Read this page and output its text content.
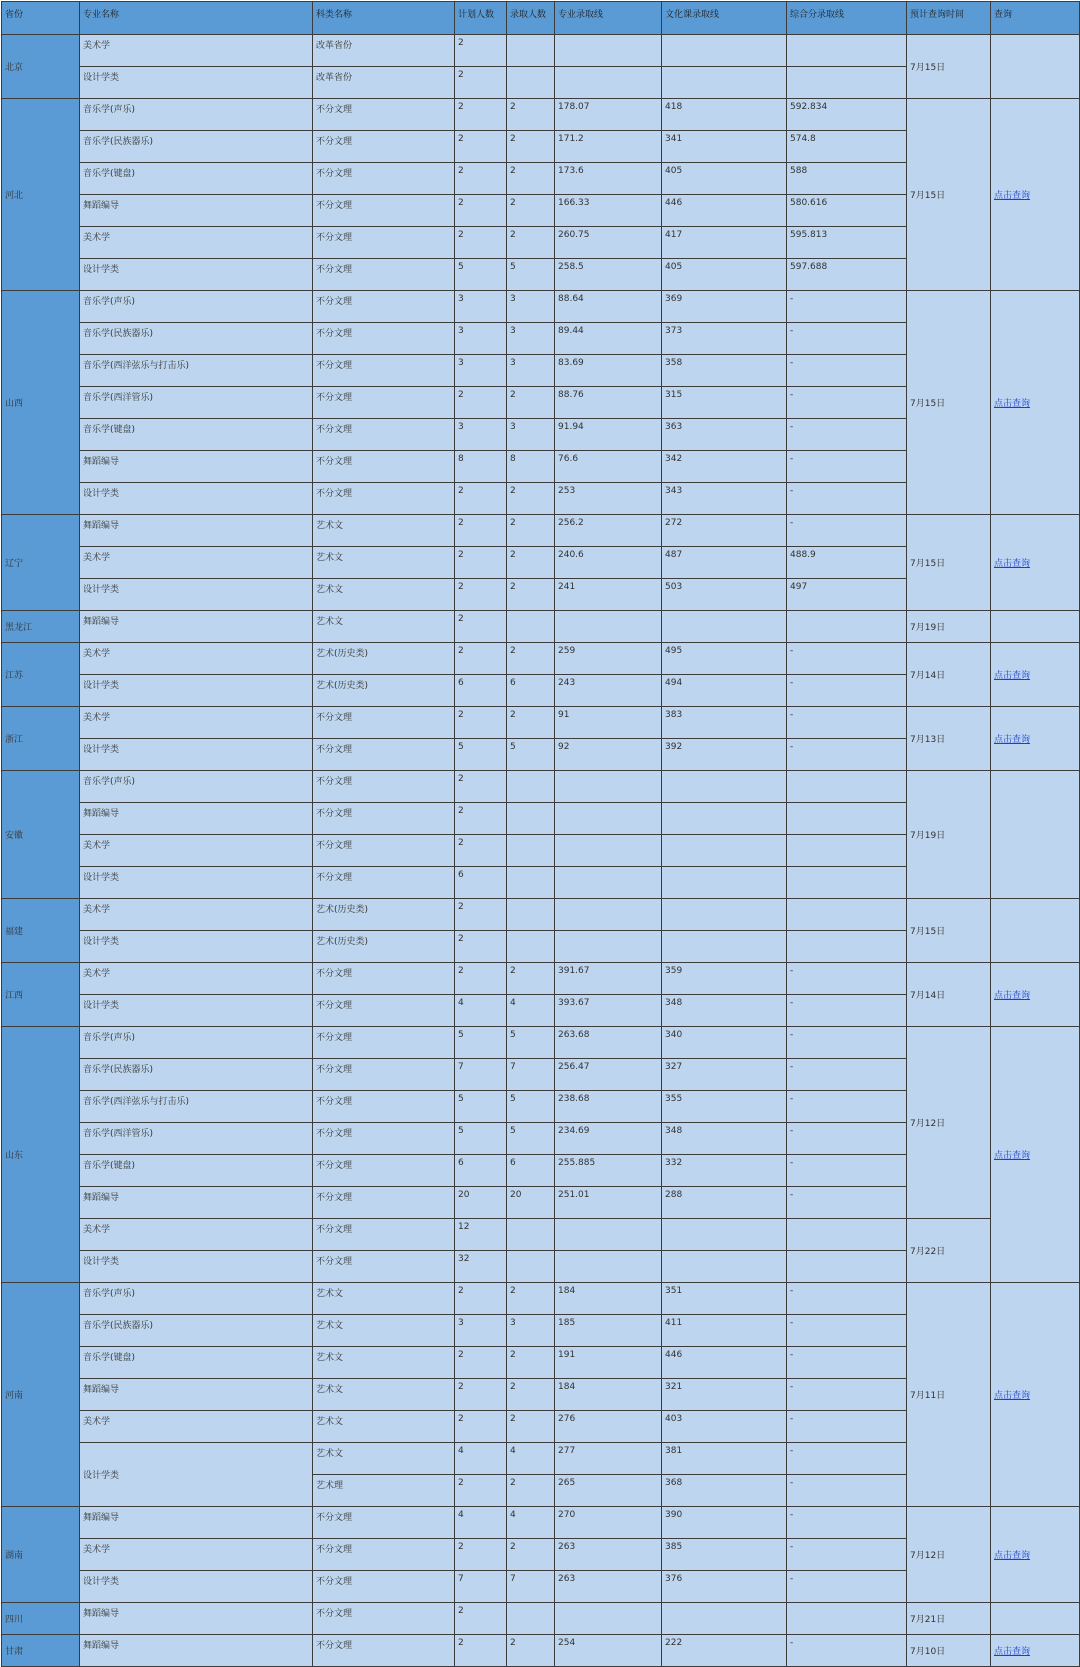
省份	专业名称	科类名称	计划人数	录取人数	专业录取线	文化课录取线	综合分录取线	预计查询时间	查询
北京	美术学	改革省份	2					7月15日	
	设计学类	改革省份	2						
河北	音乐学(声乐)	不分文理	2	2	178.07	418	592.834	7月15日	点击查询
	音乐学(民族器乐)	不分文理	2	2	171.2	341	574.8		
	音乐学(键盘)	不分文理	2	2	173.6	405	588		
	舞蹈编导	不分文理	2	2	166.33	446	580.616		
	美术学	不分文理	2	2	260.75	417	595.813		
	设计学类	不分文理	5	5	258.5	405	597.688		
山西	音乐学(声乐)	不分文理	3	3	88.64	369	-	7月15日	点击查询
	音乐学(民族器乐)	不分文理	3	3	89.44	373	-		
	音乐学(西洋弦乐与打击乐)	不分文理	3	3	83.69	358	-		
	音乐学(西洋管乐)	不分文理	2	2	88.76	315	-		
	音乐学(键盘)	不分文理	3	3	91.94	363	-		
	舞蹈编导	不分文理	8	8	76.6	342	-		
	设计学类	不分文理	2	2	253	343	-		
辽宁	舞蹈编导	艺术文	2	2	256.2	272	-	7月15日	点击查询
	美术学	艺术文	2	2	240.6	487	488.9		
	设计学类	艺术文	2	2	241	503	497		
黑龙江	舞蹈编导	艺术文	2					7月19日	
江苏	美术学	艺术(历史类)	2	2	259	495	-	7月14日	点击查询
	设计学类	艺术(历史类)	6	6	243	494	-		
浙江	美术学	不分文理	2	2	91	383	-	7月13日	点击查询
	设计学类	不分文理	5	5	92	392	-		
安徽	音乐学(声乐)	不分文理	2					7月19日	
	舞蹈编导	不分文理	2						
	美术学	不分文理	2						
	设计学类	不分文理	6						
福建	美术学	艺术(历史类)	2					7月15日	
	设计学类	艺术(历史类)	2						
江西	美术学	不分文理	2	2	391.67	359	-	7月14日	点击查询
	设计学类	不分文理	4	4	393.67	348	-		
山东	音乐学(声乐)	不分文理	5	5	263.68	340	-	7月12日	点击查询
	音乐学(民族器乐)	不分文理	7	7	256.47	327	-		
	音乐学(西洋弦乐与打击乐)	不分文理	5	5	238.68	355	-		
	音乐学(西洋管乐)	不分文理	5	5	234.69	348	-		
	音乐学(键盘)	不分文理	6	6	255.885	332	-		
	舞蹈编导	不分文理	20	20	251.01	288	-		
	美术学	不分文理	12					7月22日	
	设计学类	不分文理	32						
河南	音乐学(声乐)	艺术文	2	2	184	351	-	7月11日	点击查询
	音乐学(民族器乐)	艺术文	3	3	185	411	-		
	音乐学(键盘)	艺术文	2	2	191	446	-		
	舞蹈编导	艺术文	2	2	184	321	-		
	美术学	艺术文	2	2	276	403	-		
	设计学类	艺术文	4	4	277	381	-		
		艺术理	2	2	265	368	-		
湖南	舞蹈编导	不分文理	4	4	270	390	-	7月12日	点击查询
	美术学	不分文理	2	2	263	385	-		
	设计学类	不分文理	7	7	263	376	-		
四川	舞蹈编导	不分文理	2					7月21日	
甘肃	舞蹈编导	不分文理	2	2	254	222	-	7月10日	点击查询
